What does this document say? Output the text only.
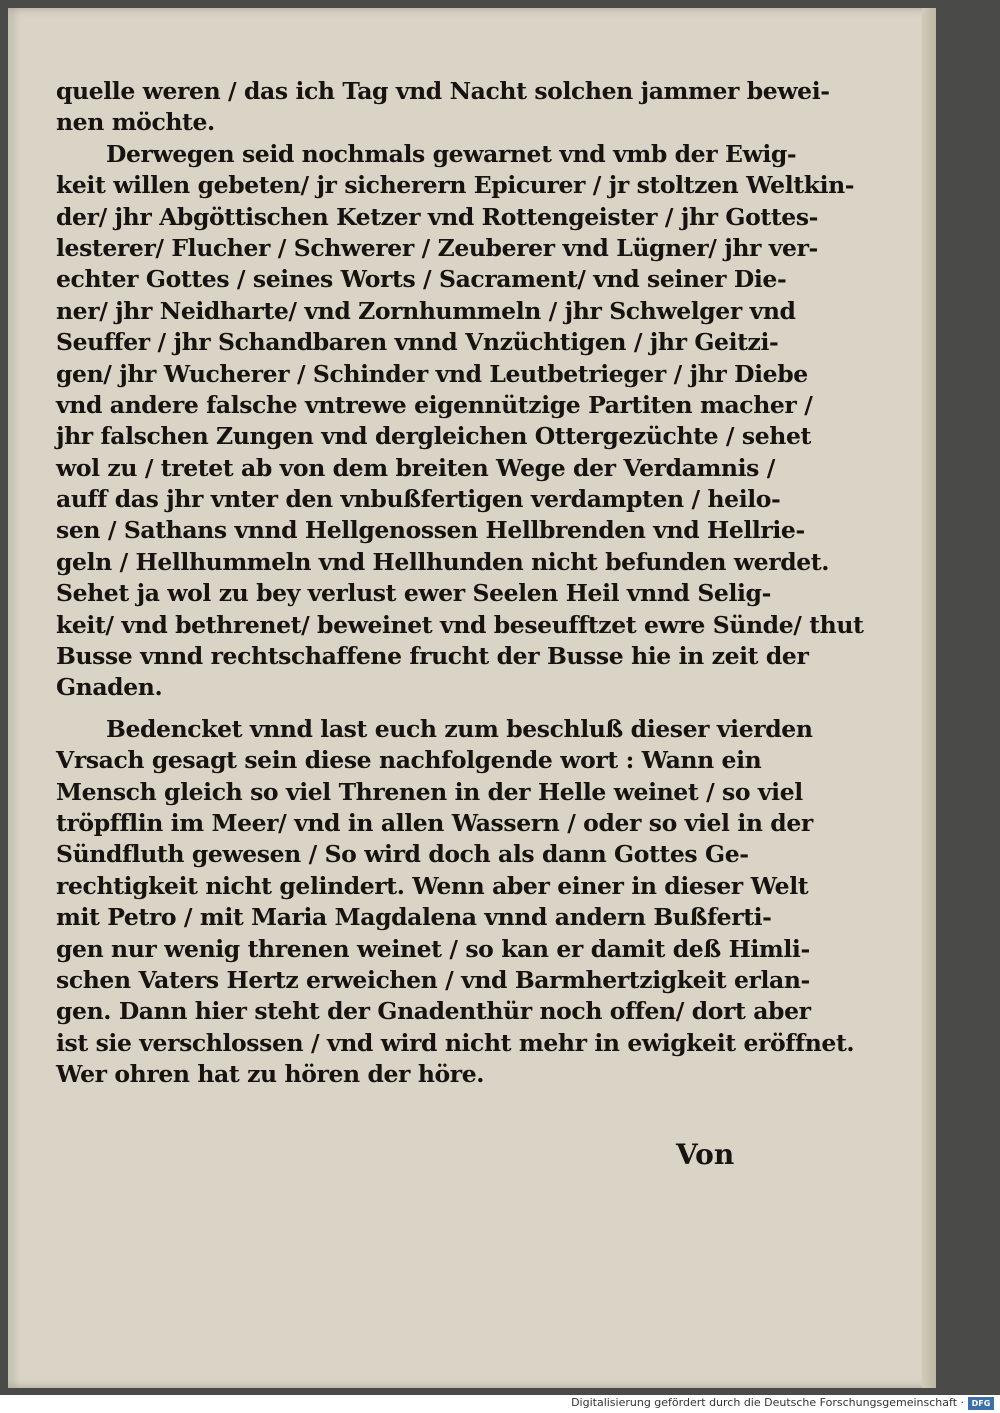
quelle weren / das ich Tag vnd Nacht solchen jammer bewei-
nen möchte.
Derwegen seid nochmals gewarnet vnd vmb der Ewig-
keit willen gebeten/ jr sicherern Epicurer / jr stoltzen Weltkin-
der/ jhr Abgöttischen Ketzer vnd Rottengeister / jhr Gottes-
lesterer/ Flucher / Schwerer / Zeuberer vnd Lügner/ jhr ver-
echter Gottes / seines Worts / Sacrament/ vnd seiner Die-
ner/ jhr Neidharte/ vnd Zornhummeln / jhr Schwelger vnd
Seuffer / jhr Schandbaren vnnd Vnzüchtigen / jhr Geitzi-
gen/ jhr Wucherer / Schinder vnd Leutbetrieger / jhr Diebe
vnd andere falsche vntrewe eigennützige Partiten macher /
jhr falschen Zungen vnd dergleichen Ottergezüchte / sehet
wol zu / tretet ab von dem breiten Wege der Verdamnis /
auff das jhr vnter den vnbußfertigen verdampten / heilo-
sen / Sathans vnnd Hellgenossen Hellbrenden vnd Hellrie-
geln / Hellhummeln vnd Hellhunden nicht befunden werdet.
Sehet ja wol zu bey verlust ewer Seelen Heil vnnd Selig-
keit/ vnd bethrenet/ beweinet vnd beseufftzet ewre Sünde/ thut
Busse vnnd rechtschaffene frucht der Busse hie in zeit der
Gnaden.
Bedencket vnnd last euch zum beschluß dieser vierden
Vrsach gesagt sein diese nachfolgende wort : Wann ein
Mensch gleich so viel Threnen in der Helle weinet / so viel
tröpfflin im Meer/ vnd in allen Wassern / oder so viel in der
Sündfluth gewesen / So wird doch als dann Gottes Ge-
rechtigkeit nicht gelindert. Wenn aber einer in dieser Welt
mit Petro / mit Maria Magdalena vnnd andern Bußferti-
gen nur wenig threnen weinet / so kan er damit deß Himli-
schen Vaters Hertz erweichen / vnd Barmhertzigkeit erlan-
gen. Dann hier steht der Gnadenthür noch offen/ dort aber
ist sie verschlossen / vnd wird nicht mehr in ewigkeit eröffnet.
Wer ohren hat zu hören der höre.
Von
Digitalisierung gefördert durch die Deutsche Forschungsgemeinschaft · DFG
